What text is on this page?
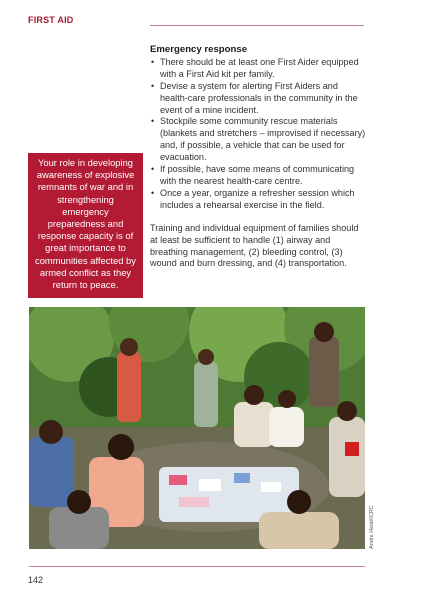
FIRST AID
Emergency response
• There should be at least one First Aider equipped with a First Aid kit per family.
• Devise a system for alerting First Aiders and health-care professionals in the community in the event of a mine incident.
• Stockpile some community rescue materials (blankets and stretchers – improvised if necessary) and, if possible, a vehicle that can be used for evacuation.
• If possible, have some means of communicating with the nearest health-care centre.
• Once a year, organize a refresher session which includes a rehearsal exercise in the field.

Training and individual equipment of families should at least be sufficient to handle (1) airway and breathing management, (2) bleeding control, (3) wound and burn dressing, and (4) transportation.

Your role in developing awareness of explosive remnants of war and in strengthening emergency preparedness and response capacity is of great importance to communities affected by armed conflict as they return to peace.
Andre Heidi/ICRC
142
